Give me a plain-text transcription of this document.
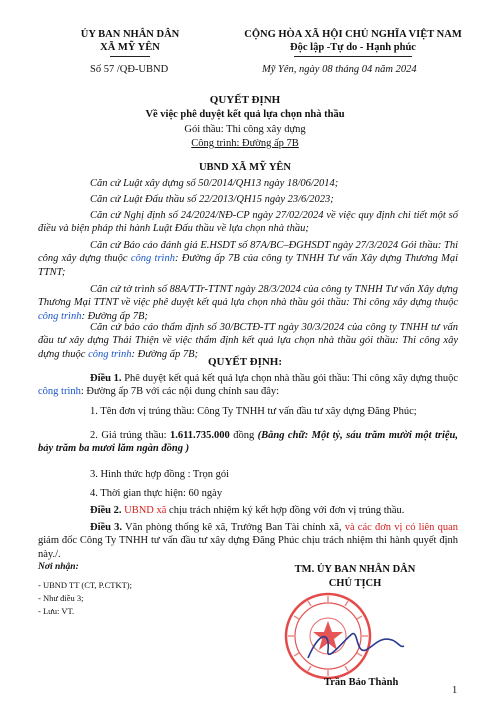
ỦY BAN NHÂN DÂN
XÃ MỸ YÊN
Số 57 /QĐ-UBND
CỘNG HÒA XÃ HỘI CHỦ NGHĨA VIỆT NAM
Độc lập -Tự do - Hạnh phúc
Mỹ Yên, ngày 08 tháng 04 năm 2024
QUYẾT ĐỊNH
Về việc phê duyệt kết quả lựa chọn nhà thầu
Gói thầu: Thi công xây dựng
Công trình: Đường ấp 7B
UBND XÃ MỸ YÊN
Căn cứ Luật xây dựng số 50/2014/QH13 ngày 18/06/2014;
Căn cứ Luật Đấu thầu số 22/2013/QH15 ngày 23/6/2023;
Căn cứ Nghị định số 24/2024/NĐ-CP ngày 27/02/2024 về việc quy định chi tiết một số điều và biện pháp thi hành Luật Đấu thầu về lựa chọn nhà thầu;
Căn cứ Báo cáo đánh giá E.HSDT số 87A/BC–ĐGHSDT ngày 27/3/2024 Gói thầu: Thi công xây dựng thuộc công trình: Đường ấp 7B của công ty TNHH Tư vấn Xây dựng Thương Mại TTNT;
Căn cứ tờ trình số 88A/TTr-TTNT ngày 28/3/2024 của công ty TNHH Tư vấn Xây dựng Thương Mại TTNT về việc phê duyệt kết quả lựa chọn nhà thầu gói thầu: Thi công xây dựng thuộc công trình: Đường ấp 7B;
Căn cứ báo cáo thẩm định số 30/BCTĐ-TT ngày 30/3/2024 của công ty TNHH tư vấn đầu tư xây dựng Thái Thiện về việc thẩm định kết quả lựa chọn nhà thầu gói thầu: Thi công xây dựng thuộc công trình: Đường ấp 7B;
QUYẾT ĐỊNH:
Điều 1. Phê duyệt kết quả kết quả lựa chọn nhà thầu gói thầu: Thi công xây dựng thuộc công trình: Đường ấp 7B với các nội dung chính sau đây:
1. Tên đơn vị trúng thầu: Công Ty TNHH tư vấn đầu tư xây dựng Đăng Phúc;
2. Giá trúng thầu: 1.611.735.000 đồng (Bằng chữ: Một tỷ, sáu trăm mười một triệu, bảy trăm ba mươi lăm ngàn đồng )
3. Hình thức hợp đồng : Trọn gói
4. Thời gian thực hiện: 60 ngày
Điều 2. UBND xã chịu trách nhiệm ký kết hợp đồng với đơn vị trúng thầu.
Điều 3. Văn phòng thống kê xã, Trưởng Ban Tài chính xã, và các đơn vị có liên quan giám đốc Công Ty TNHH tư vấn đầu tư xây dựng Đăng Phúc chịu trách nhiệm thi hành quyết định này./.
Nơi nhận:
- UBND TT (CT, P.CTKT);
- Như điều 3;
- Lưu: VT.
TM. ỦY BAN NHÂN DÂN
CHỦ TỊCH
Trần Bảo Thành
1
